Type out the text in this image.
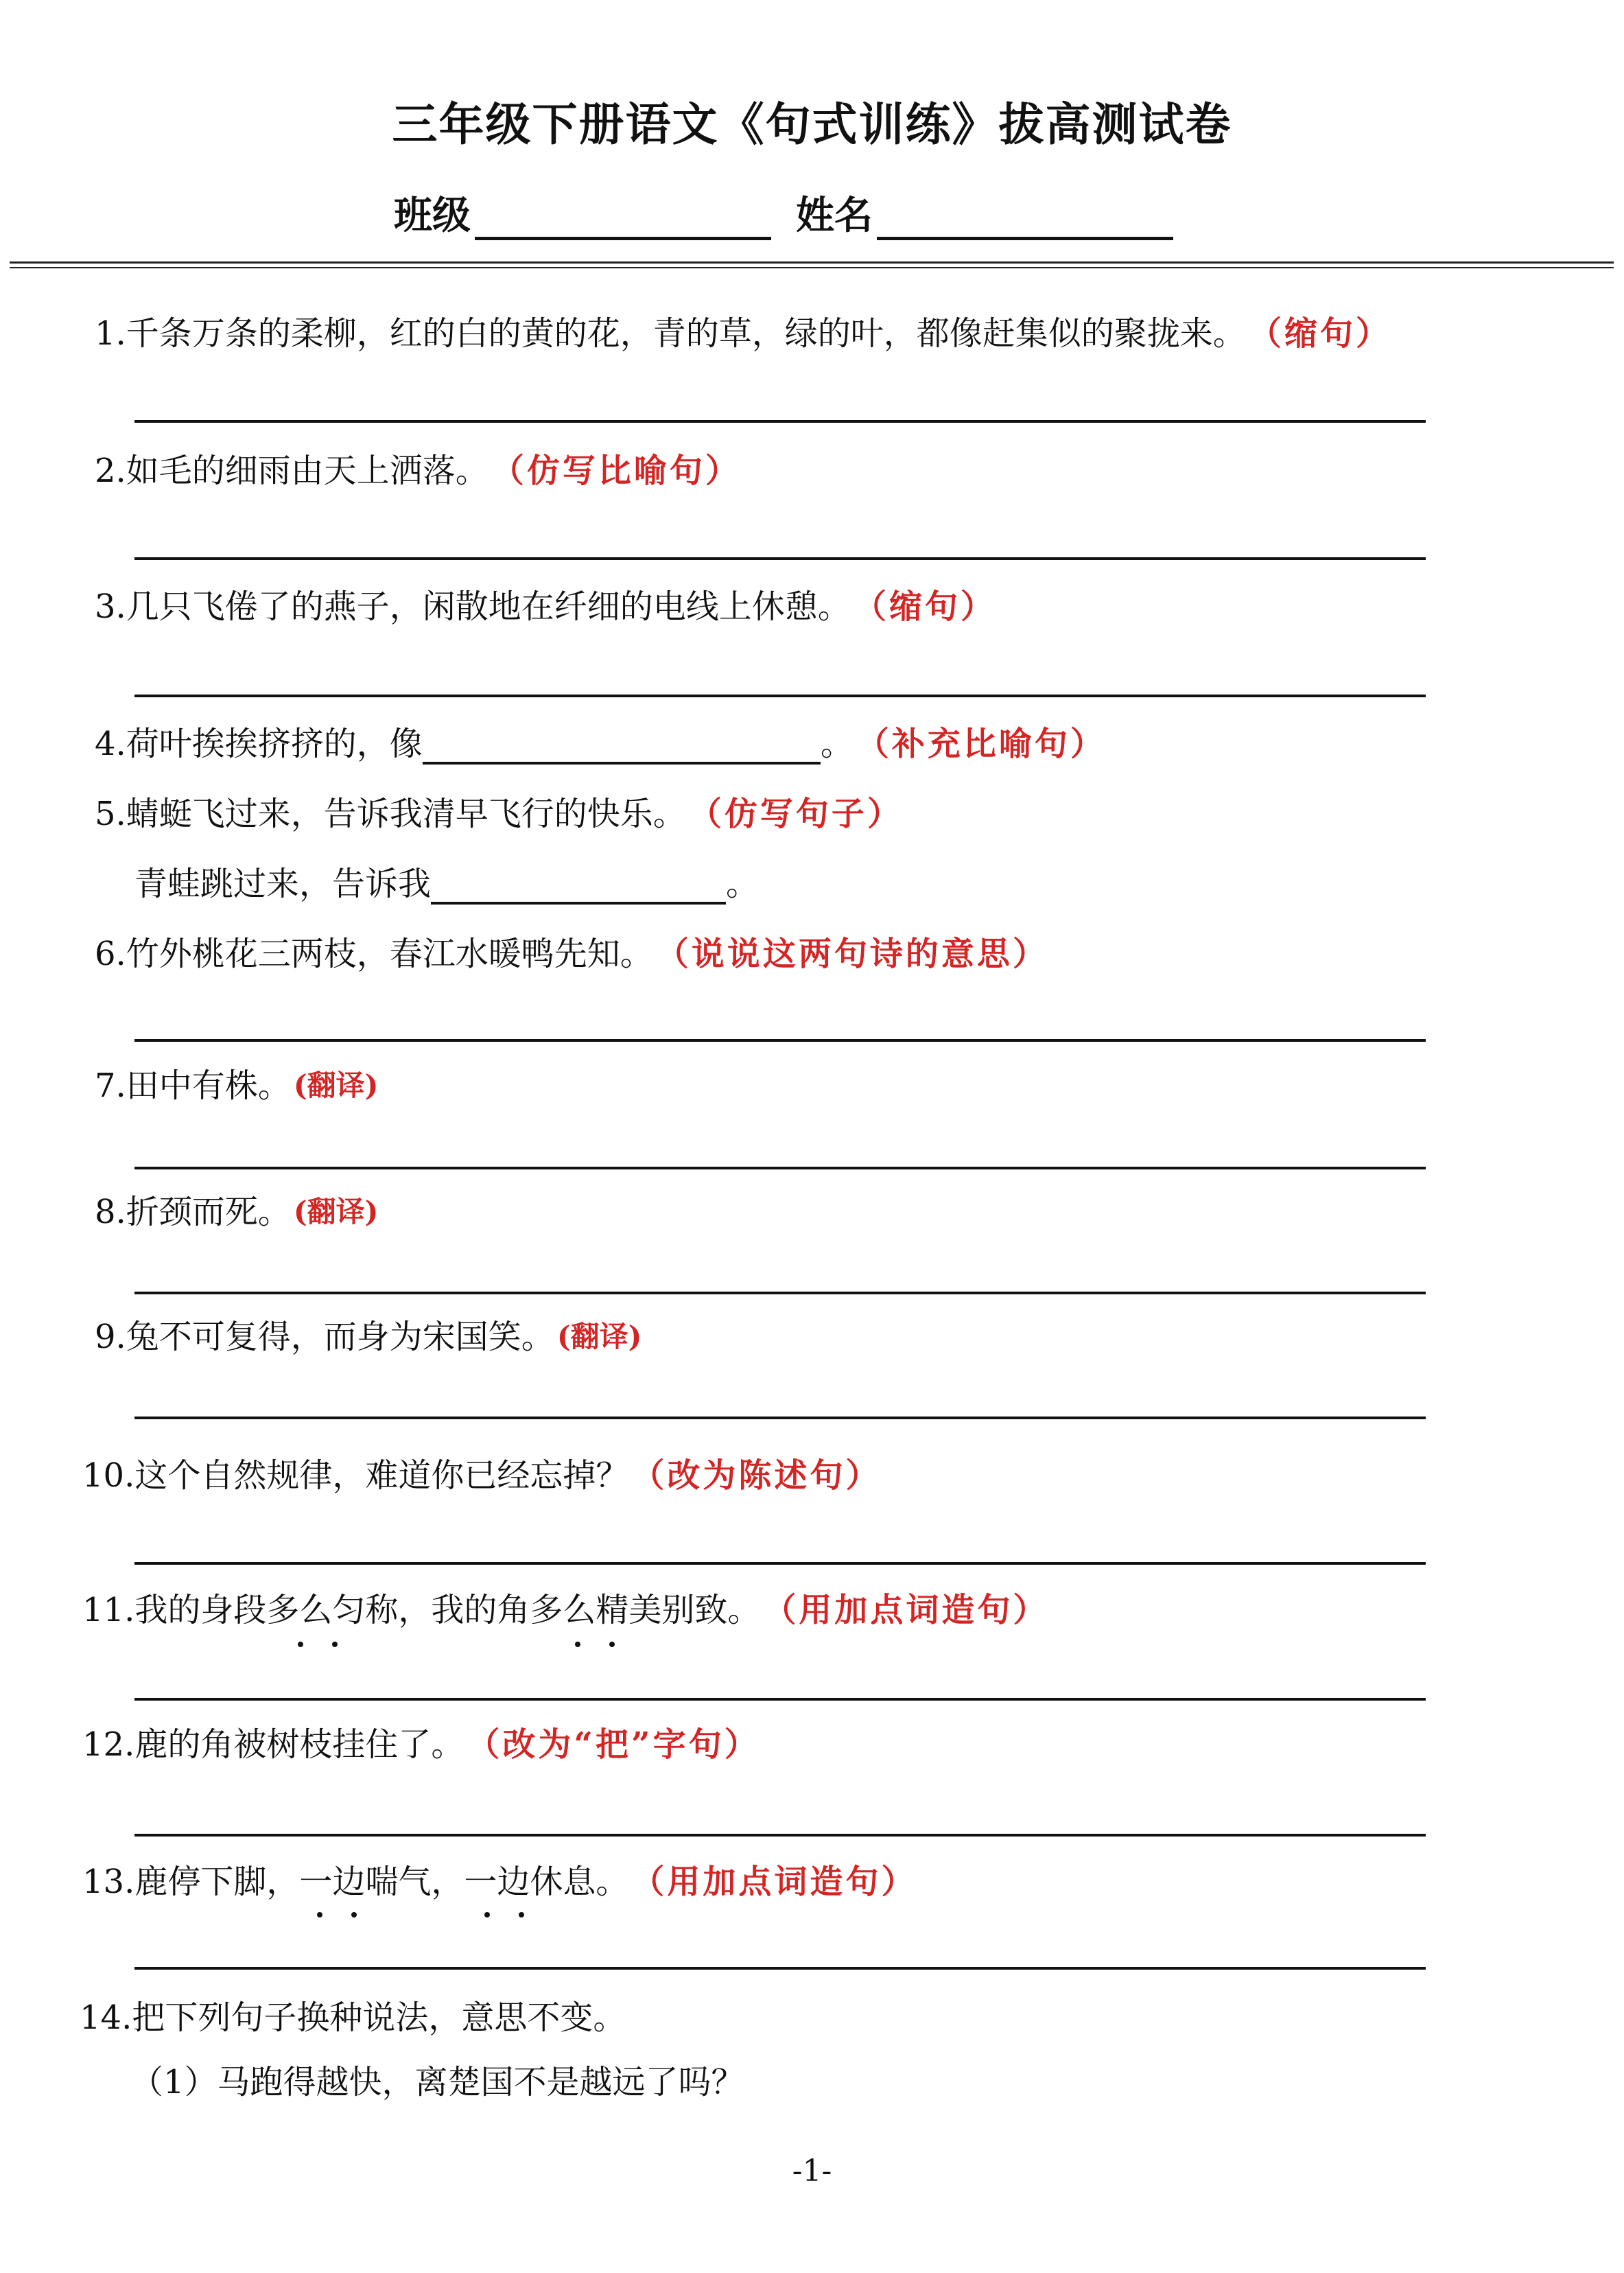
三年级下册语文《句式训练》拔高测试卷
班级	姓名
1. 千条万条的柔柳，红的白的黄的花，青的草，绿的叶，都像赶集似的聚拢来。 （缩句）
2. 如毛的细雨由天上洒落。 （仿写比喻句）
3. 几只飞倦了的燕子，闲散地在纤细的电线上休憩。 （缩句）
4. 荷叶挨挨挤挤的，像	。 （补充比喻句）
5. 蜻蜓飞过来，告诉我清早飞行的快乐。 （仿写句子）
青蛙跳过来，告诉我	。
6. 竹外桃花三两枝，春江水暖鸭先知。 （说说这两句诗的意思）
7. 田中有株。 (翻译)
8. 折颈而死。 (翻译)
9. 兔不可复得，而身为宋国笑。 (翻译)
10. 这个自然规律，难道你已经忘掉？ （改为陈述句）
11. 我的身段多么匀称，我的角多么精美别致。 （用加点词造句）
12. 鹿的角被树枝挂住了。 （改为“把”字句）
13. 鹿停下脚，一边喘气，一边休息。 （用加点词造句）
14. 把下列句子换种说法，意思不变。
（1）马跑得越快，离楚国不是越远了吗？
-1-
